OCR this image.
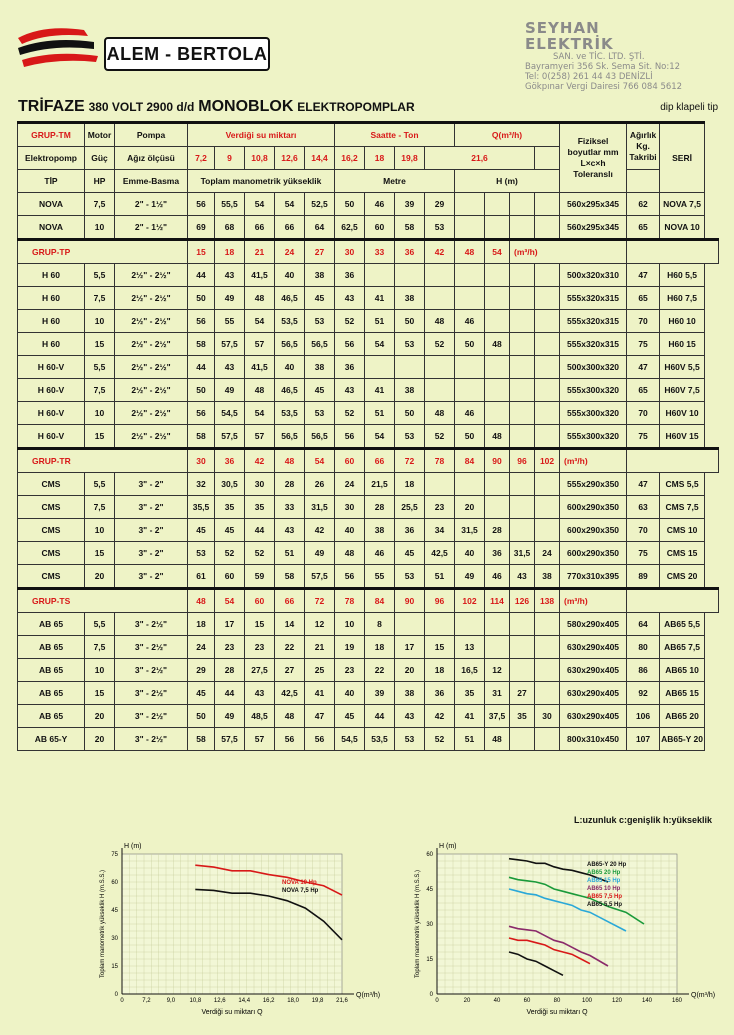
ALEM - BERTOLA
SEYHAN ELEKTRİK
SAN. ve TİC. LTD. ŞTİ.
Bayramyeri 356 Sk. Sema Sit. No:12
Tel: 0(258) 261 44 43 DENİZLİ
Gökpınar Vergi Dairesi 766 084 5612
TRİFAZE 380 VOLT 2900 d/d MONOBLOK ELEKTROPOMPLAR	dip klapeli tip
GRUP-TM	Motor	Pompa	Verdiği su miktarı					Saatte - Ton				Q(m³/h)				Fiziksel boyutlar mm L×c×h Toleranslı	Ağırlık Kg. Takribi	SERİ
Elektropomp	Güç	Ağız ölçüsü	7,2	9	10,8	12,6	14,4	16,2	18	19,8	21,6							
TİP	HP	Emme-Basma	Toplam manometrik yükseklik					Metre				H (m)						
NOVA	7,5	2" - 1½"	56	55,5	54	54	52,5	50	46	39	29					560x295x345	62	NOVA 7,5
NOVA	10	2" - 1½"	69	68	66	66	64	62,5	60	58	53					560x295x345	65	NOVA 10
GRUP-TP			15	18	21	24	27	30	33	36	42	48	54	(m³/h)				
H 60	5,5	2½" - 2½"	44	43	41,5	40	38	36								500x320x310	47	H60 5,5
H 60	7,5	2½" - 2½"	50	49	48	46,5	45	43	41	38						555x320x315	65	H60 7,5
H 60	10	2½" - 2½"	56	55	54	53,5	53	52	51	50	48	46				555x320x315	70	H60 10
H 60	15	2½" - 2½"	58	57,5	57	56,5	56,5	56	54	53	52	50	48			555x320x315	75	H60 15
H 60-V	5,5	2½" - 2½"	44	43	41,5	40	38	36								500x300x320	47	H60V 5,5
H 60-V	7,5	2½" - 2½"	50	49	48	46,5	45	43	41	38						555x300x320	65	H60V 7,5
H 60-V	10	2½" - 2½"	56	54,5	54	53,5	53	52	51	50	48	46				555x300x320	70	H60V 10
H 60-V	15	2½" - 2½"	58	57,5	57	56,5	56,5	56	54	53	52	50	48			555x300x320	75	H60V 15
GRUP-TR			30	36	42	48	54	60	66	72	78	84	90	96	102	(m³/h)		
CMS	5,5	3" - 2"	32	30,5	30	28	26	24	21,5	18						555x290x350	47	CMS 5,5
CMS	7,5	3" - 2"	35,5	35	35	33	31,5	30	28	25,5	23	20				600x290x350	63	CMS 7,5
CMS	10	3" - 2"	45	45	44	43	42	40	38	36	34	31,5	28			600x290x350	70	CMS 10
CMS	15	3" - 2"	53	52	52	51	49	48	46	45	42,5	40	36	31,5	24	600x290x350	75	CMS 15
CMS	20	3" - 2"	61	60	59	58	57,5	56	55	53	51	49	46	43	38	770x310x395	89	CMS 20
GRUP-TS			48	54	60	66	72	78	84	90	96	102	114	126	138	(m³/h)		
AB 65	5,5	3" - 2½"	18	17	15	14	12	10	8							580x290x405	64	AB65 5,5
AB 65	7,5	3" - 2½"	24	23	23	22	21	19	18	17	15	13				630x290x405	80	AB65 7,5
AB 65	10	3" - 2½"	29	28	27,5	27	25	23	22	20	18	16,5	12			630x290x405	86	AB65 10
AB 65	15	3" - 2½"	45	44	43	42,5	41	40	39	38	36	35	31	27		630x290x405	92	AB65 15
AB 65	20	3" - 2½"	50	49	48,5	48	47	45	44	43	42	41	37,5	35	30	630x290x405	106	AB65 20
AB 65-Y	20	3" - 2½"	58	57,5	57	56	56	54,5	53,5	53	52	51	48			800x310x450	107	AB65-Y 20
L:uzunluk c:genişlik h:yükseklik
0	7,2	9,0 10,8 12,6 14,4 16,2 18,0 19,8 21,6
0
15
30
45
60
75
H (m)
Q(m³/h)
Verdiği su miktarı Q
Toplam manometrik yükseklik H (m.S.S.)	NOVA 10 Hp
NOVA 7,5 Hp
0	20	40	60	80	100	120	140	160
0
15
30
45
60
H (m)
Q(m³/h)
Verdiği su miktarı Q
Toplam manometrik yükseklik H (m.S.S.)
AB65-Y 20 Hp
AB65 20 Hp
AB65 15 Hp
AB65 10 Hp
AB65 7,5 Hp
AB65 5,5 Hp
